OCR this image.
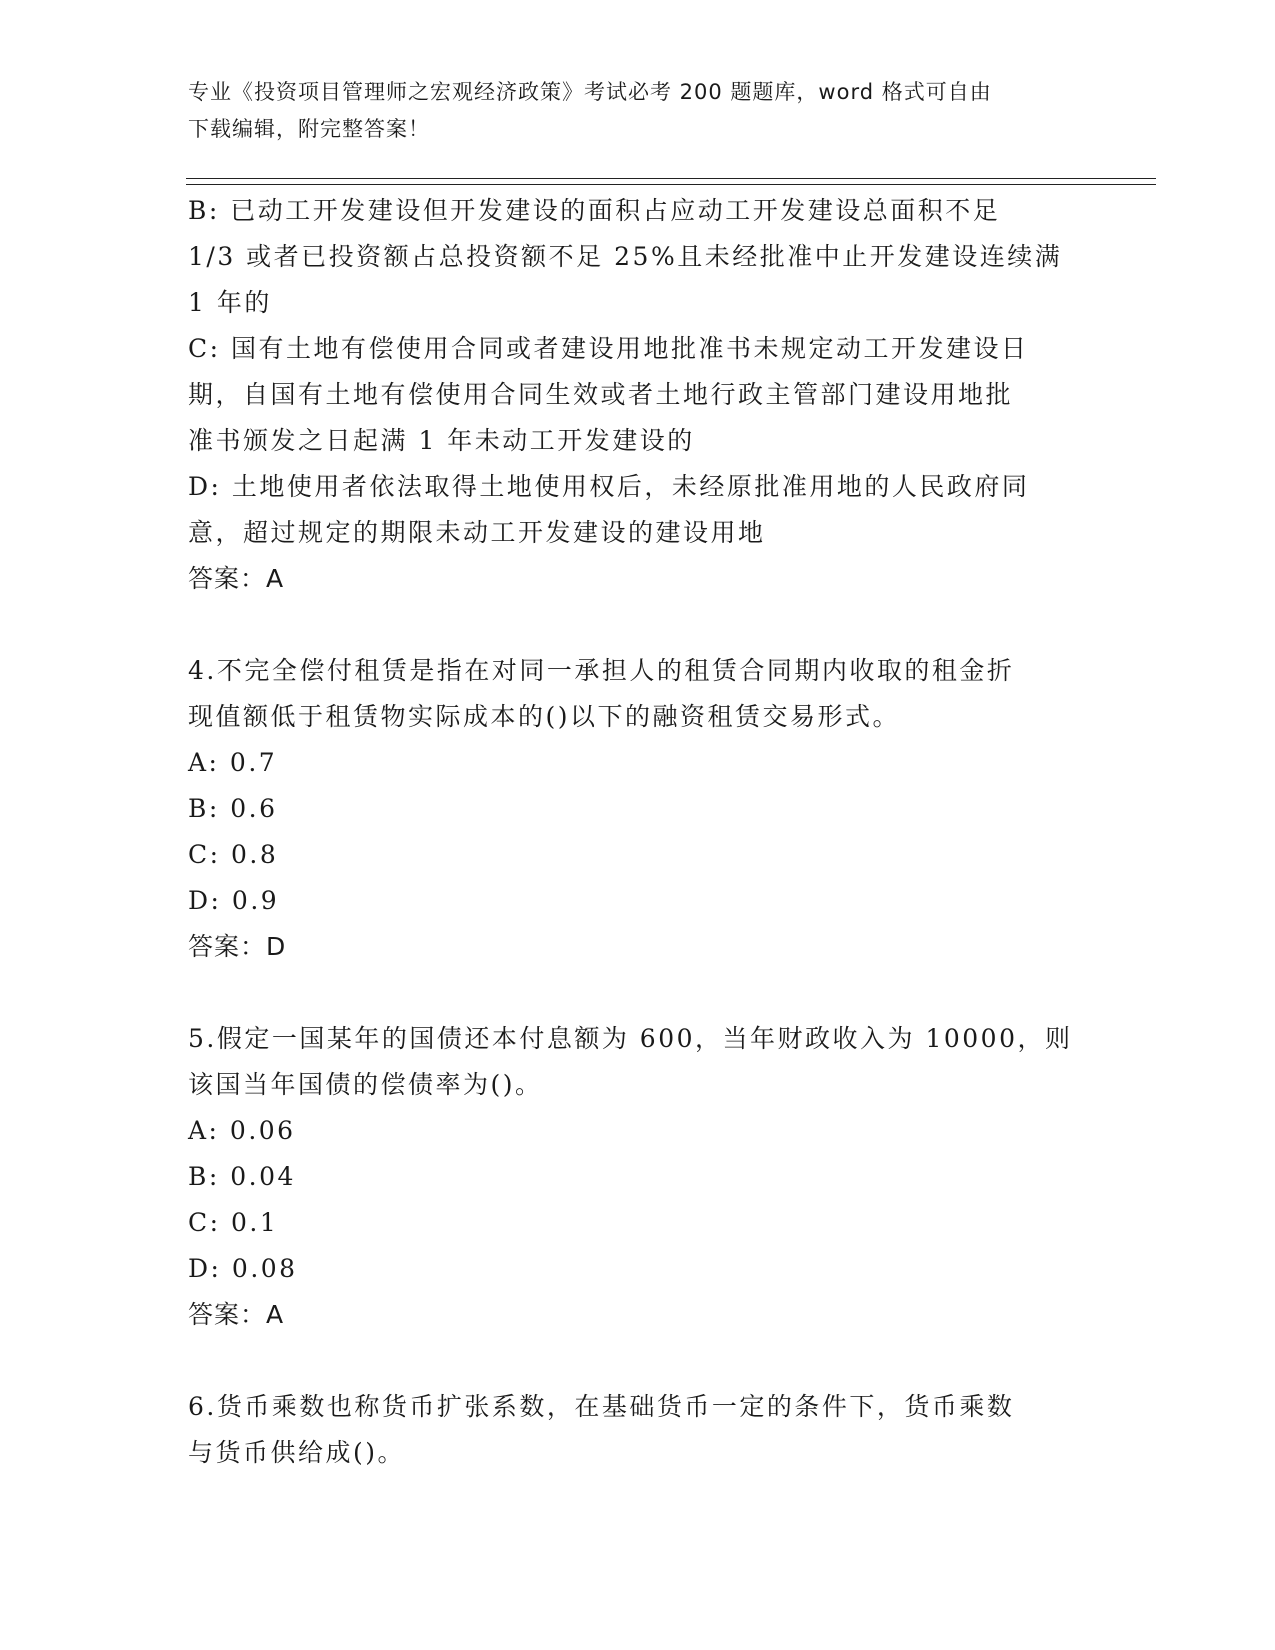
专业《投资项目管理师之宏观经济政策》考试必考 200 题题库，word 格式可自由
下载编辑，附完整答案！

B: 已动工开发建设但开发建设的面积占应动工开发建设总面积不足

1/3 或者已投资额占总投资额不足 25%且未经批准中止开发建设连续满

1 年的

C: 国有土地有偿使用合同或者建设用地批准书未规定动工开发建设日

期，自国有土地有偿使用合同生效或者土地行政主管部门建设用地批

准书颁发之日起满 1 年未动工开发建设的

D: 土地使用者依法取得土地使用权后，未经原批准用地的人民政府同

意，超过规定的期限未动工开发建设的建设用地

答案：A

4.不完全偿付租赁是指在对同一承担人的租赁合同期内收取的租金折

现值额低于租赁物实际成本的()以下的融资租赁交易形式。

A: 0.7

B: 0.6

C: 0.8

D: 0.9

答案：D

5.假定一国某年的国债还本付息额为 600，当年财政收入为 10000，则

该国当年国债的偿债率为()。

A: 0.06

B: 0.04

C: 0.1

D: 0.08

答案：A

6.货币乘数也称货币扩张系数，在基础货币一定的条件下，货币乘数

与货币供给成()。
